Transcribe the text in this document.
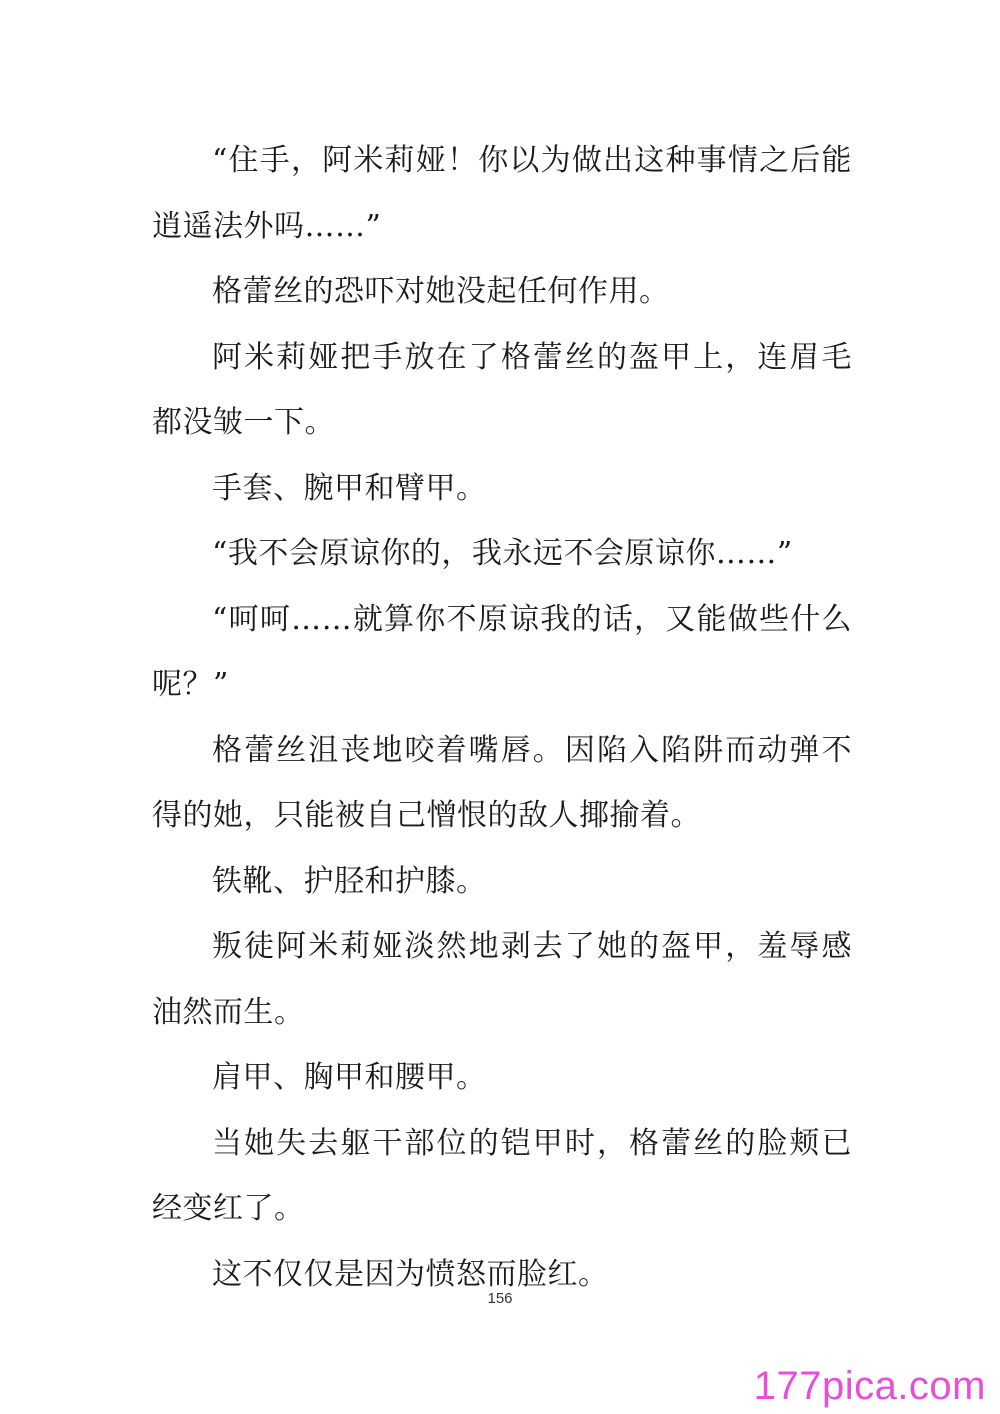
“住手，阿米莉娅！你以为做出这种事情之后能逍遥法外吗……”

格蕾丝的恐吓对她没起任何作用。

阿米莉娅把手放在了格蕾丝的盔甲上，连眉毛都没皱一下。

手套、腕甲和臂甲。

“我不会原谅你的，我永远不会原谅你……”

“呵呵……就算你不原谅我的话，又能做些什么呢？”

格蕾丝沮丧地咬着嘴唇。因陷入陷阱而动弹不得的她，只能被自己憎恨的敌人揶揄着。

铁靴、护胫和护膝。

叛徒阿米莉娅淡然地剥去了她的盔甲，羞辱感油然而生。

肩甲、胸甲和腰甲。

当她失去躯干部位的铠甲时，格蕾丝的脸颊已经变红了。

这不仅仅是因为愤怒而脸红。

156
177pica.com
